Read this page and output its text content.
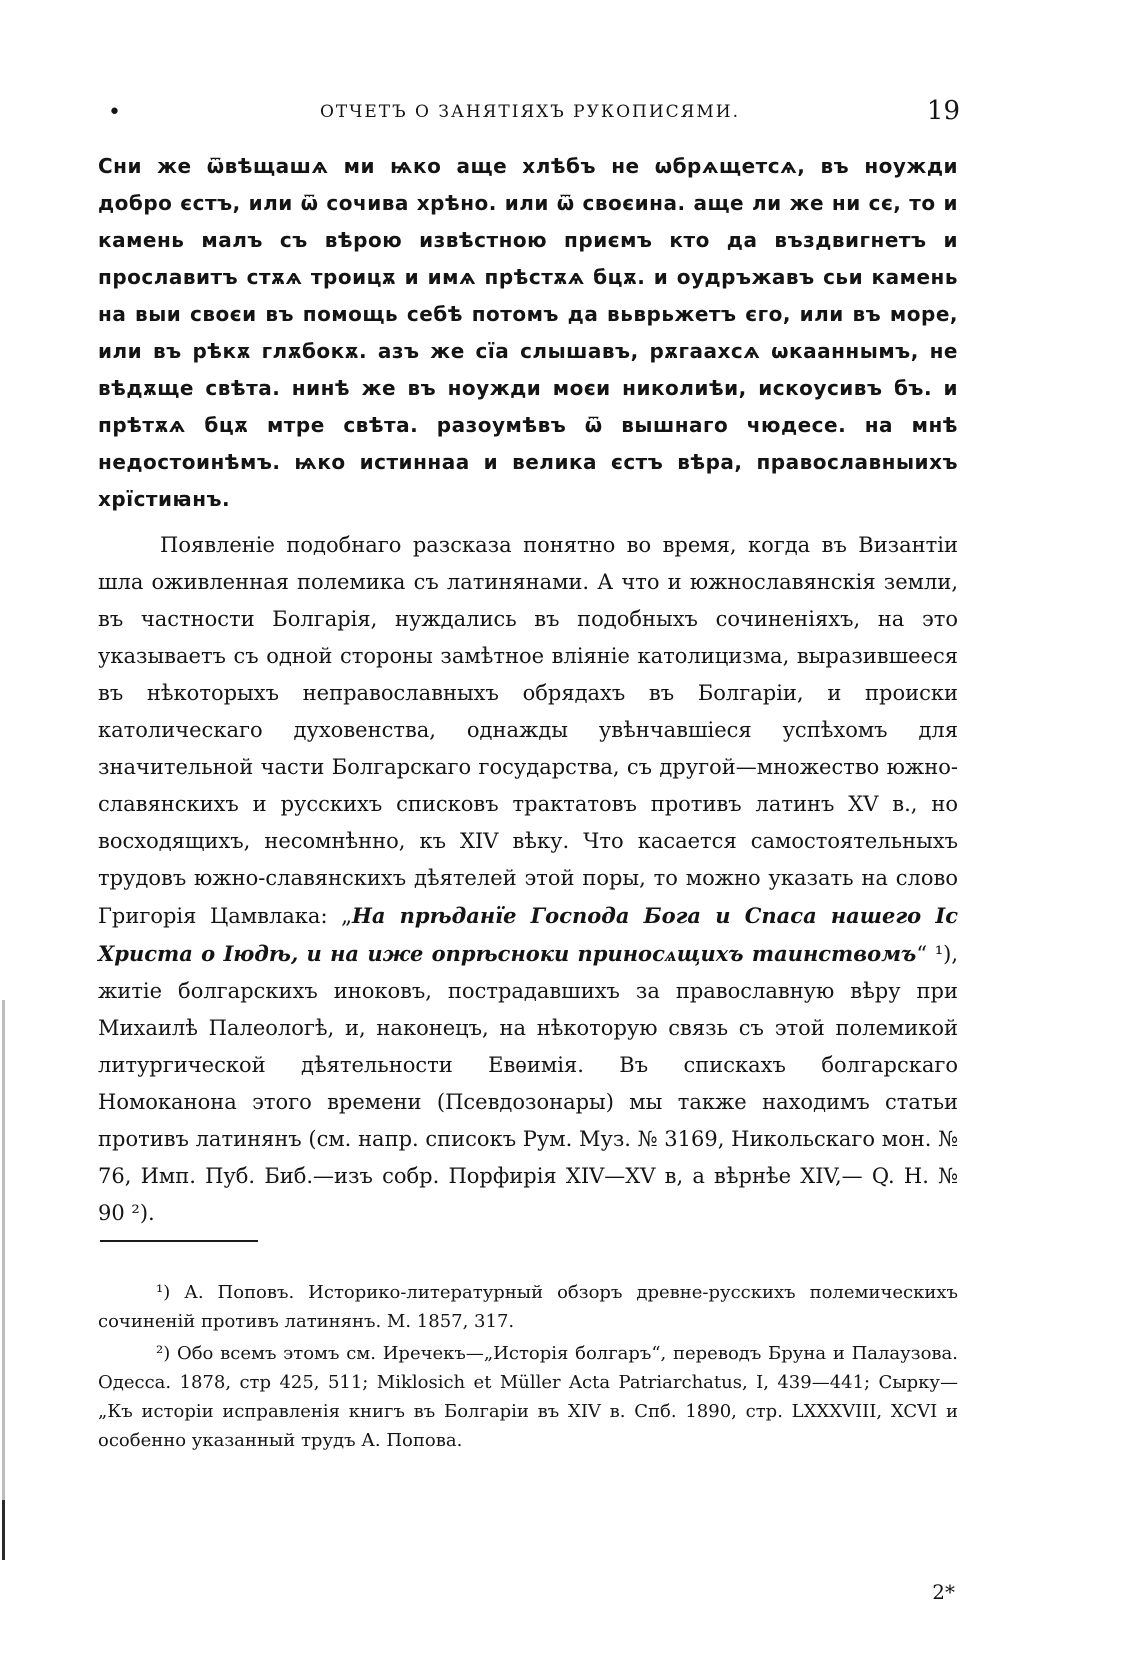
•	ОТЧЕТЪ О ЗАНЯТІЯХЪ РУКОПИСЯМИ.	19

Сни же ѿвѣщашѧ ми ѩко аще хлѣбъ не ѡбрѧщетсѧ, въ ноужди добро єстъ, или ѿ сочива хрѣно. или ѿ своєина. аще ли же ни сє, то и камень малъ съ вѣрою извѣстною приємъ кто да въздвигнетъ и прославитъ стѫѧ троицѫ и имѧ прѣстѫѧ бцѫ. и оудръжавъ сьи камень на выи своєи въ помощь себѣ потомъ да вьврьжетъ єго, или въ море, или въ рѣкѫ глѫбокѫ. азъ же сїа слышавъ, рѫгаахсѧ ѡкааннымъ, не вѣдѫще свѣта. нинѣ же въ ноужди моєи николиѣи, искоусивъ бъ. и прѣтѫѧ бцѫ мтре свѣта. разоумѣвъ ѿ вышнаго чюдесе. на мнѣ недостоинѣмъ. ѩко истиннаа и велика єстъ вѣра, православныихъ хрїстиꙗнъ.

Появленіе подобнаго разсказа понятно во время, когда въ Византіи шла оживленная полемика съ латинянами. А что и южнославянскія земли, въ частности Болгарія, нуждались въ подобныхъ сочиненіяхъ, на это указываетъ съ одной стороны замѣтное вліяніе католицизма, выразившееся въ нѣкоторыхъ неправославныхъ обрядахъ въ Болгаріи, и происки католическаго духовенства, однажды увѣнчавшіеся успѣхомъ для значительной части Болгарскаго государства, съ другой—множество южно-славянскихъ и русскихъ списковъ трактатовъ противъ латинъ XV в., но восходящихъ, несомнѣнно, къ XIV вѣку. Что касается самостоятельныхъ трудовъ южно-славянскихъ дѣятелей этой поры, то можно указать на слово Григорія Цамвлака: „На прѣданїе Господа Бога и Спаса нашего Іс Христа о Іюдѣ, и на иже опрѣсноки приносѧщихъ таинствомъ“ ¹), житіе болгарскихъ иноковъ, пострадавшихъ за православную вѣру при Михаилѣ Палеологѣ, и, наконецъ, на нѣкоторую связь съ этой полемикой литургической дѣятельности Евѳимія. Въ спискахъ болгарскаго Номоканона этого времени (Псевдозонары) мы также находимъ статьи противъ латинянъ (см. напр. списокъ Рум. Муз. № 3169, Никольскаго мон. № 76, Имп. Пуб. Биб.—изъ собр. Порфирія XIV—XV в, а вѣрнѣе XIV,— Q. Н. № 90 ²).

¹) А. Поповъ. Историко-литературный обзоръ древне-русскихъ полемическихъ сочиненій противъ латинянъ. М. 1857, 317.

²) Обо всемъ этомъ см. Иречекъ—„Исторія болгаръ“, переводъ Бруна и Палаузова. Одесса. 1878, стр 425, 511; Miklosich et Müller Acta Patriarchatus, I, 439—441; Сырку—„Къ исторіи исправленія книгъ въ Болгаріи въ XIV в. Спб. 1890, стр. LXXXVIII, XCVI и особенно указанный трудъ А. Попова.

2*
